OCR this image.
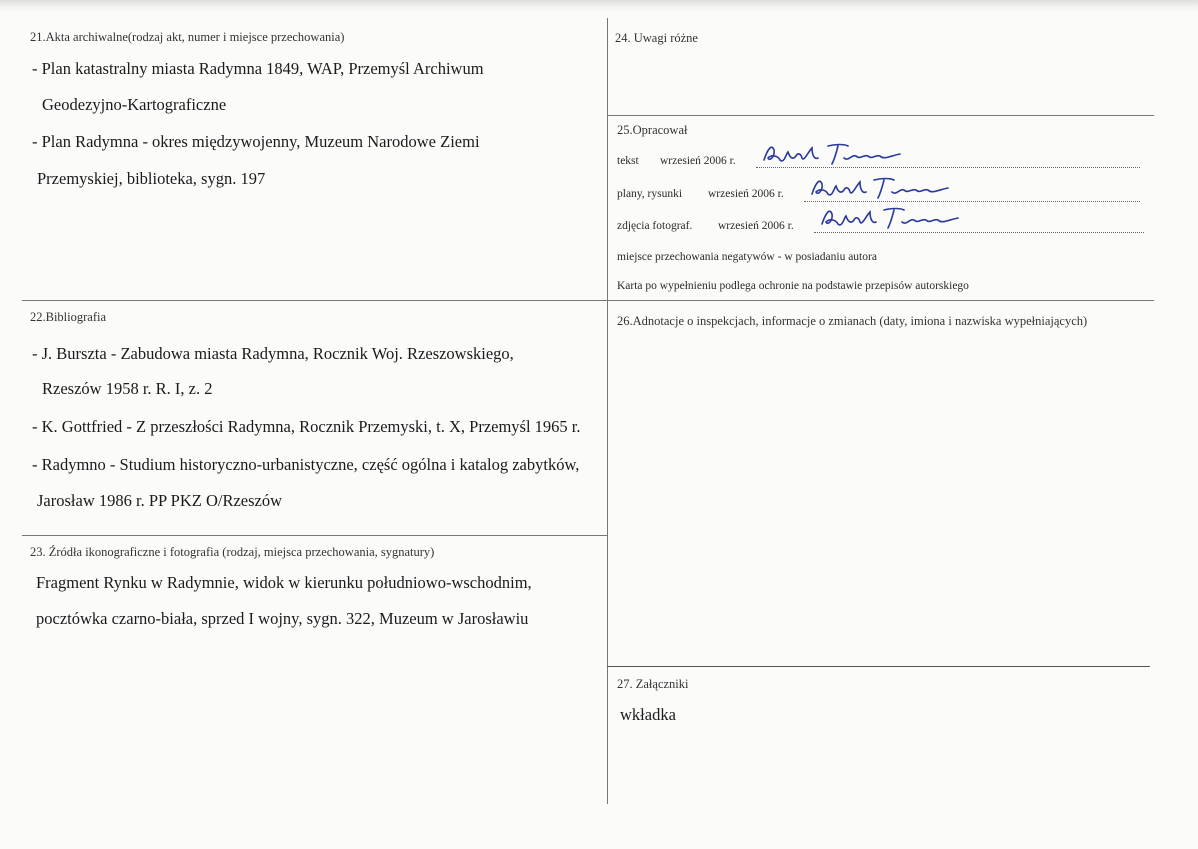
21.Akta archiwalne(rodzaj akt, numer i miejsce przechowania)
- Plan katastralny miasta Radymna 1849, WAP, Przemyśl Archiwum
Geodezyjno-Kartograficzne
- Plan Radymna - okres międzywojenny, Muzeum Narodowe Ziemi
Przemyskiej, biblioteka, sygn. 197
22.Bibliografia
- J. Burszta - Zabudowa miasta Radymna, Rocznik Woj. Rzeszowskiego,
Rzeszów 1958 r. R. I, z. 2
- K. Gottfried - Z przeszłości Radymna, Rocznik Przemyski, t. X, Przemyśl 1965 r.
- Radymno - Studium historyczno-urbanistyczne, część ogólna i katalog zabytków,
Jarosław 1986 r. PP PKZ O/Rzeszów
23. Źródła ikonograficzne i fotografia (rodzaj, miejsca przechowania, sygnatury)
Fragment Rynku w Radymnie, widok w kierunku południowo-wschodnim,
pocztówka czarno-biała, sprzed I wojny, sygn. 322, Muzeum w Jarosławiu
24. Uwagi różne
25.Opracował
tekst wrzesień 2006 r.
plany, rysunki wrzesień 2006 r.
zdjęcia fotograf. wrzesień 2006 r.
miejsce przechowania negatywów - w posiadaniu autora
Karta po wypełnieniu podlega ochronie na podstawie przepisów autorskiego
26.Adnotacje o inspekcjach, informacje o zmianach (daty, imiona i nazwiska wypełniających)
27. Załączniki
wkładka
